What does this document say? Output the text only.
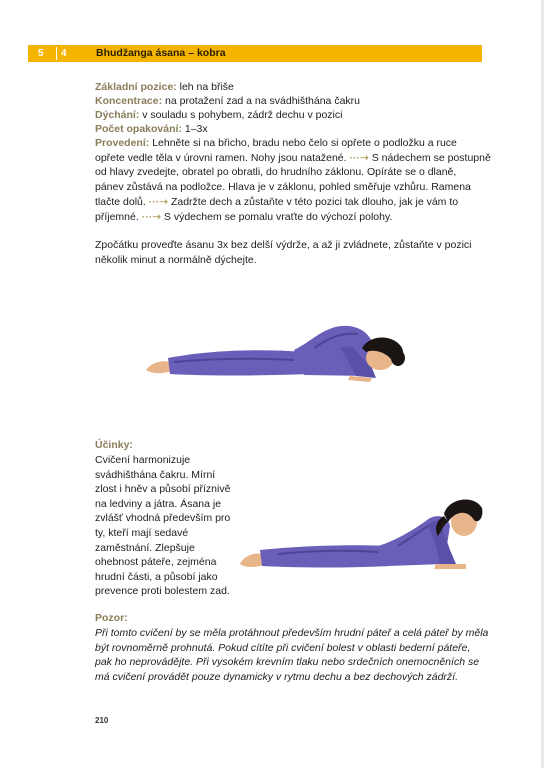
5 4	Bhudžanga ásana – kobra
Základní pozice: leh na břiše
Koncentrace: na protažení zad a na svádhišthána čakru
Dýchání: v souladu s pohybem, zádrž dechu v pozici
Počet opakování: 1–3x
Provedení: Lehněte si na břicho, bradu nebo čelo si opřete o podložku a ruce
opřete vedle těla v úrovni ramen. Nohy jsou natažené. ···➝ S nádechem se postupně
od hlavy zvedejte, obratel po obratli, do hrudního záklonu. Opíráte se o dlaně,
pánev zůstává na podložce. Hlava je v záklonu, pohled směřuje vzhůru. Ramena
tlačte dolů. ···➝ Zadržte dech a zůstaňte v této pozici tak dlouho, jak je vám to
příjemné. ···➝ S výdechem se pomalu vraťte do výchozí polohy.
Zpočátku proveďte ásanu 3x bez delší výdrže, a až ji zvládnete, zůstaňte v pozici
několik minut a normálně dýchejte.
Účinky:
Cvičení harmonizuje
svádhišthána čakru. Mírní
zlost i hněv a působí příznivě
na ledviny a játra. Ásana je
zvlášť vhodná především pro
ty, kteří mají sedavé
zaměstnání. Zlepšuje
ohebnost páteře, zejména
hrudní části, a působí jako
prevence proti bolestem zad.
Pozor:
Při tomto cvičení by se měla protáhnout především hrudní páteř a celá páteř by měla
být rovnoměrně prohnutá. Pokud cítíte při cvičení bolest v oblasti bederní páteře,
pak ho neprovádějte. Při vysokém krevním tlaku nebo srdečních onemocněních se
má cvičení provádět pouze dynamicky v rytmu dechu a bez dechových zádrží.
210
